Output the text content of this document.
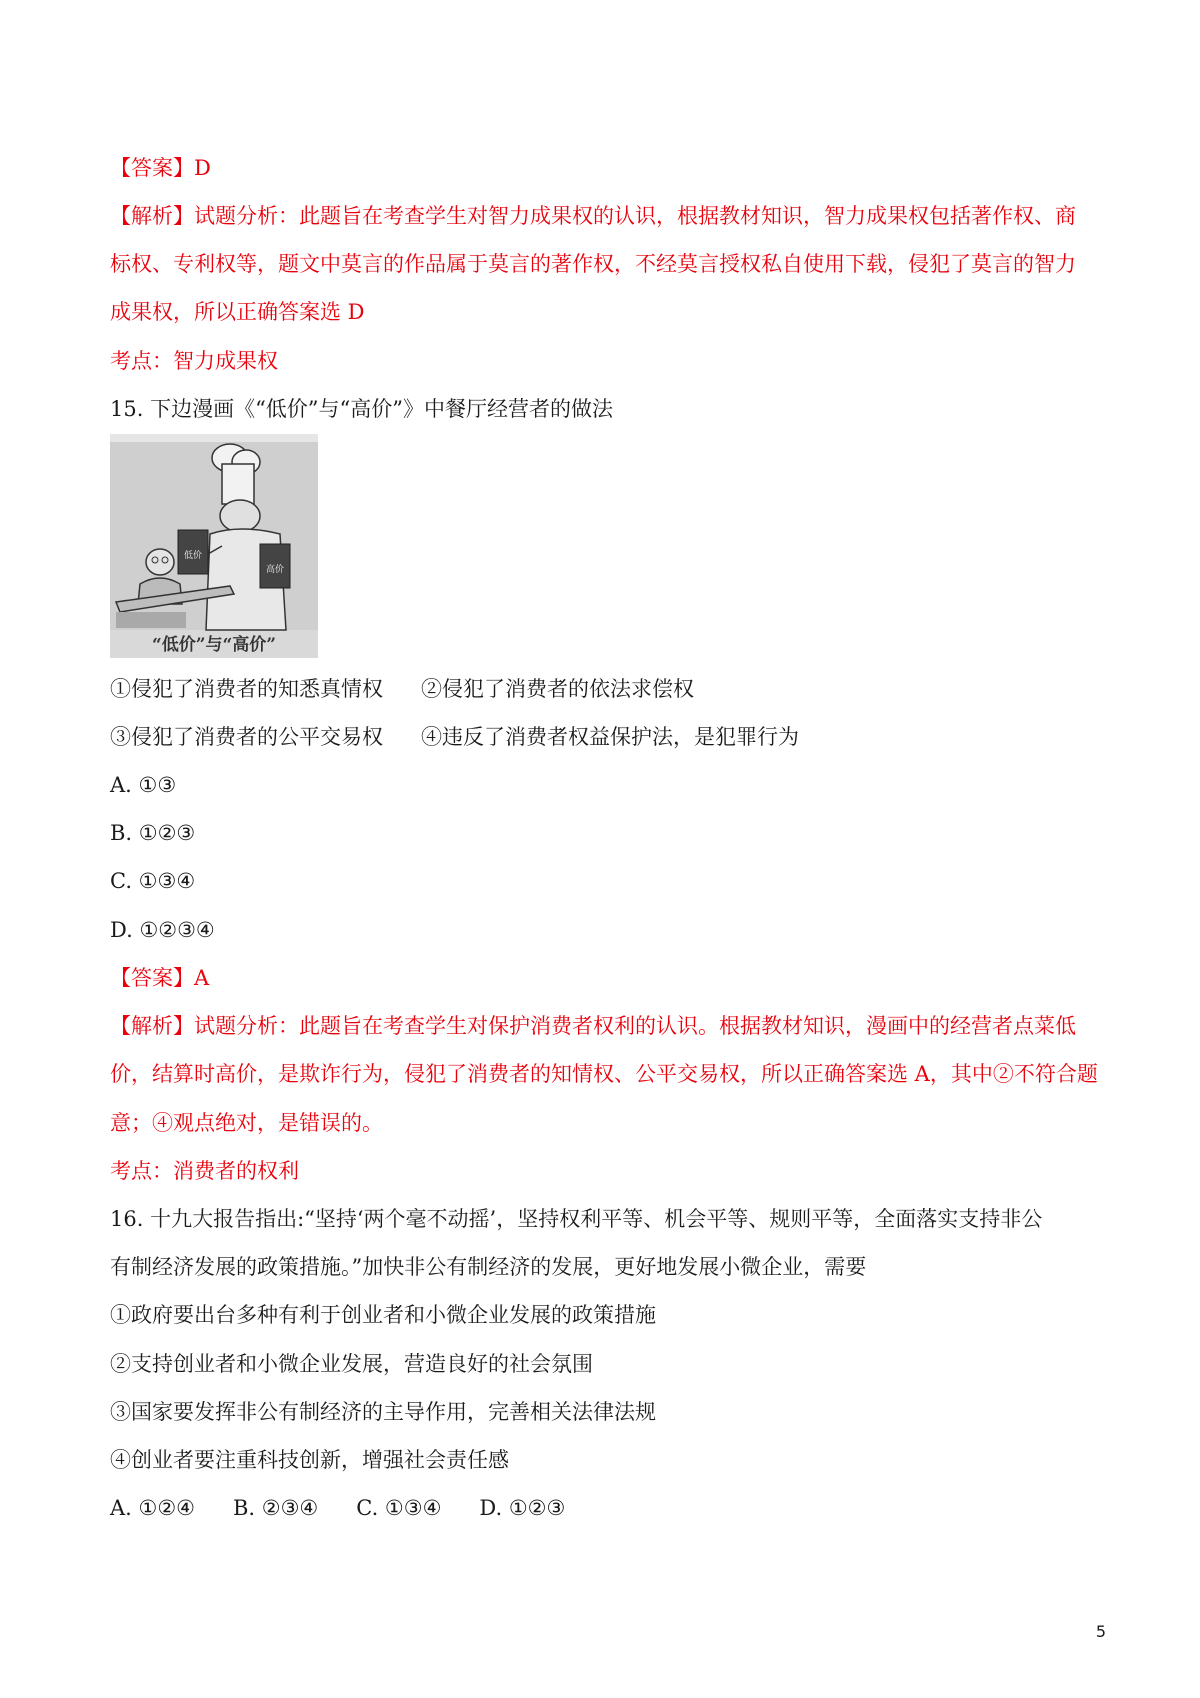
【答案】D
【解析】试题分析：此题旨在考查学生对智力成果权的认识，根据教材知识，智力成果权包括著作权、商
标权、专利权等，题文中莫言的作品属于莫言的著作权，不经莫言授权私自使用下载，侵犯了莫言的智力
成果权，所以正确答案选 D
考点：智力成果权
15. 下边漫画《“低价”与“高价”》中餐厅经营者的做法
高价
低价
“低价”与“高价”
①侵犯了消费者的知悉真情权 ②侵犯了消费者的依法求偿权
③侵犯了消费者的公平交易权 ④违反了消费者权益保护法，是犯罪行为
A. ①③
B. ①②③
C. ①③④
D. ①②③④
【答案】A
【解析】试题分析：此题旨在考查学生对保护消费者权利的认识。根据教材知识，漫画中的经营者点菜低
价，结算时高价，是欺诈行为，侵犯了消费者的知情权、公平交易权，所以正确答案选 A，其中②不符合题
意；④观点绝对，是错误的。
考点：消费者的权利
16. 十九大报告指出:“坚持‘两个毫不动摇’，坚持权利平等、机会平等、规则平等，全面落实支持非公
有制经济发展的政策措施。”加快非公有制经济的发展，更好地发展小微企业，需要
①政府要出台多种有利于创业者和小微企业发展的政策措施
②支持创业者和小微企业发展，营造良好的社会氛围
③国家要发挥非公有制经济的主导作用，完善相关法律法规
④创业者要注重科技创新，增强社会责任感
A. ①②④ B. ②③④ C. ①③④ D. ①②③
5
